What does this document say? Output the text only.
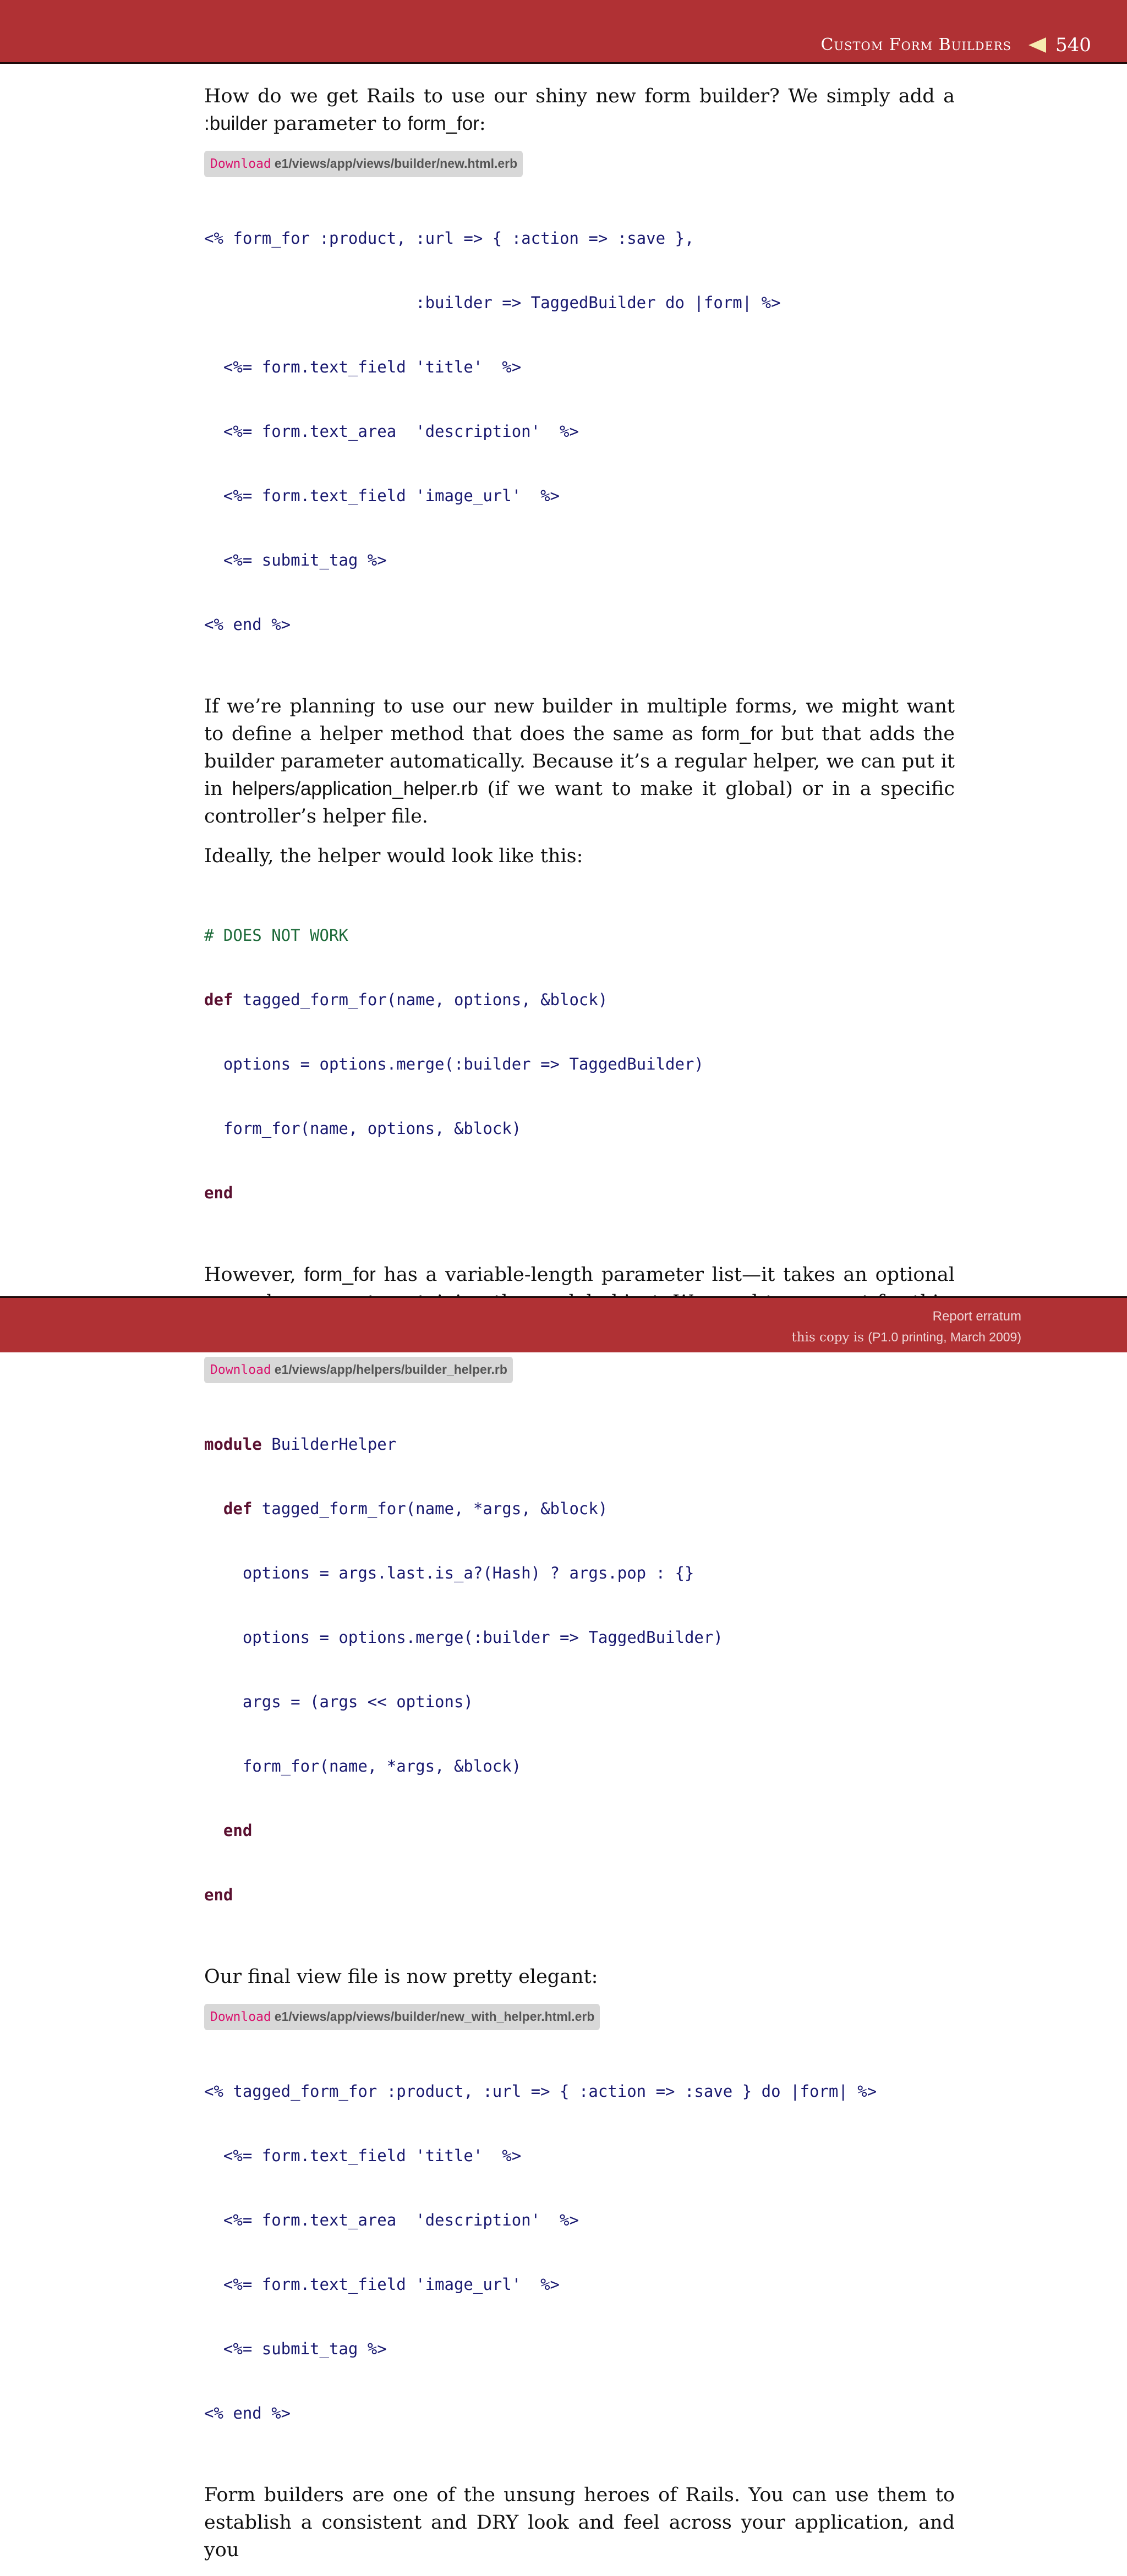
Custom Form Builders 540

How do we get Rails to use our shiny new form builder? We simply add a :builder parameter to form_for:

Download e1/views/app/views/builder/new.html.erb

<% form_for :product, :url => { :action => :save },

:builder => TaggedBuilder do |form| %>

<%= form.text_field 'title'  %>

<%= form.text_area  'description'  %>

<%= form.text_field 'image_url'  %>

<%= submit_tag %>

<% end %>

If we’re planning to use our new builder in multiple forms, we might want to define a helper method that does the same as form_for but that adds the builder parameter automatically. Because it’s a regular helper, we can put it in helpers/application_helper.rb (if we want to make it global) or in a specific controller’s helper file.

Ideally, the helper would look like this:

# DOES NOT WORK

def tagged_form_for(name, options, &block)

options = options.merge(:builder => TaggedBuilder)

form_for(name, options, &block)

end

However, form_for has a variable-length parameter list—it takes an optional

Download e1/views/app/helpers/builder_helper.rb

module BuilderHelper

def tagged_form_for(name, *args, &block)

options = args.last.is_a?(Hash) ? args.pop : {}

options = options.merge(:builder => TaggedBuilder)

args = (args << options)

form_for(name, *args, &block)

end

end

Our final view file is now pretty elegant:

Download e1/views/app/views/builder/new_with_helper.html.erb

<% tagged_form_for :product, :url => { :action => :save } do |form| %>

<%= form.text_field 'title'  %>

<%= form.text_area  'description'  %>

<%= form.text_field 'image_url'  %>

<%= submit_tag %>

<% end %>

Form builders are one of the unsung heroes of Rails. You can use them to establish a consistent and DRY look and feel across your application, and you

Report erratum
this copy is (P1.0 printing, March 2009)
